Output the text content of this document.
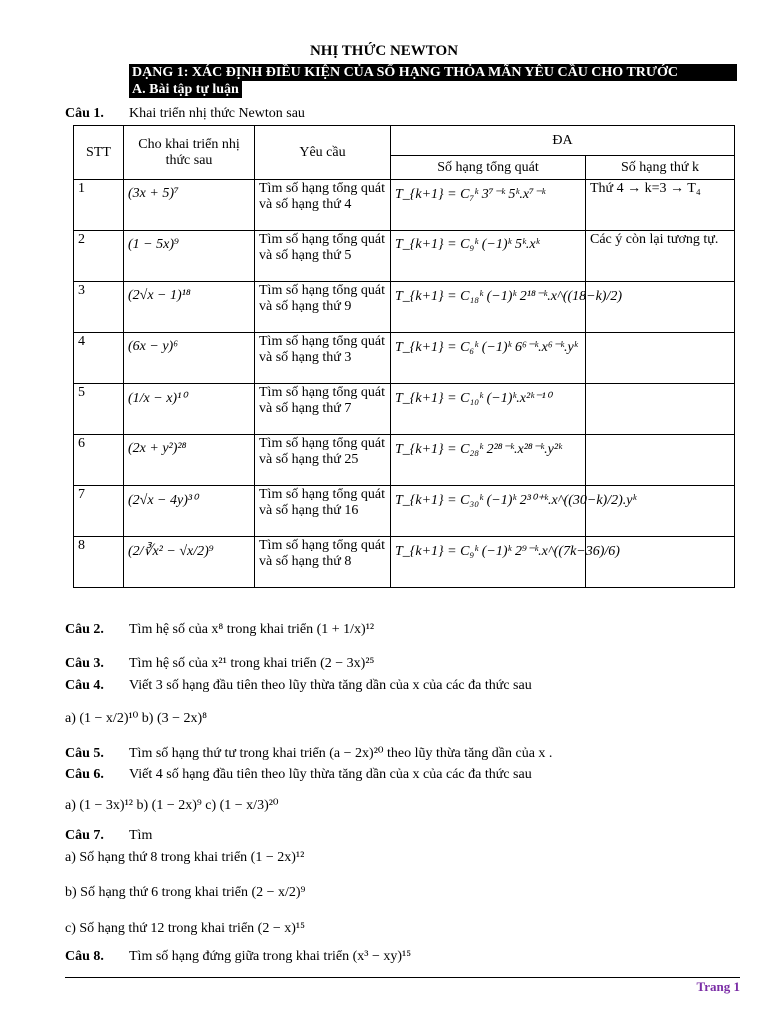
NHỊ THỨC NEWTON
DẠNG 1: XÁC ĐỊNH ĐIỀU KIỆN CỦA SỐ HẠNG THỎA MÃN YÊU CẦU CHO TRƯỚC
A. Bài tập tự luận
Câu 1. Khai triển nhị thức Newton sau
STT	Cho khai triển nhị thức sau	Yêu cầu	ĐA	
			Số hạng tổng quát	Số hạng thứ k
1	(3x + 5)⁷	Tìm số hạng tổng quát và số hạng thứ 4	T_{k+1} = C₇ᵏ 3⁷⁻ᵏ 5ᵏ.x⁷⁻ᵏ	Thứ 4 → k=3 → T₄
2	(1 − 5x)⁹	Tìm số hạng tổng quát và số hạng thứ 5	T_{k+1} = C₉ᵏ (−1)ᵏ 5ᵏ.xᵏ	Các ý còn lại tương tự.
3	(2√x − 1)¹⁸	Tìm số hạng tổng quát và số hạng thứ 9	T_{k+1} = C₁₈ᵏ (−1)ᵏ 2¹⁸⁻ᵏ.x^((18−k)/2)	
4	(6x − y)⁶	Tìm số hạng tổng quát và số hạng thứ 3	T_{k+1} = C₆ᵏ (−1)ᵏ 6⁶⁻ᵏ.x⁶⁻ᵏ.yᵏ	
5	(1/x − x)¹⁰	Tìm số hạng tổng quát và số hạng thứ 7	T_{k+1} = C₁₀ᵏ (−1)ᵏ.x²ᵏ⁻¹⁰	
6	(2x + y²)²⁸	Tìm số hạng tổng quát và số hạng thứ 25	T_{k+1} = C₂₈ᵏ 2²⁸⁻ᵏ.x²⁸⁻ᵏ.y²ᵏ	
7	(2√x − 4y)³⁰	Tìm số hạng tổng quát và số hạng thứ 16	T_{k+1} = C₃₀ᵏ (−1)ᵏ 2³⁰⁺ᵏ.x^((30−k)/2).yᵏ	
8	(2/∛x² − √x/2)⁹	Tìm số hạng tổng quát và số hạng thứ 8	T_{k+1} = C₉ᵏ (−1)ᵏ 2⁹⁻ᵏ.x^((7k−36)/6)	
Câu 2. Tìm hệ số của x⁸ trong khai triển (1 + 1/x)¹²
Câu 3. Tìm hệ số của x²¹ trong khai triển (2 − 3x)²⁵
Câu 4. Viết 3 số hạng đầu tiên theo lũy thừa tăng dần của x của các đa thức sau
a) (1 − x/2)¹⁰ b) (3 − 2x)⁸
Câu 5. Tìm số hạng thứ tư trong khai triển (a − 2x)²⁰ theo lũy thừa tăng dần của x .
Câu 6. Viết 4 số hạng đầu tiên theo lũy thừa tăng dần của x của các đa thức sau
a) (1 − 3x)¹² b) (1 − 2x)⁹ c) (1 − x/3)²⁰
Câu 7. Tìm
a) Số hạng thứ 8 trong khai triển (1 − 2x)¹²
b) Số hạng thứ 6 trong khai triển (2 − x/2)⁹
c) Số hạng thứ 12 trong khai triển (2 − x)¹⁵
Câu 8. Tìm số hạng đứng giữa trong khai triển (x³ − xy)¹⁵
Trang 1
